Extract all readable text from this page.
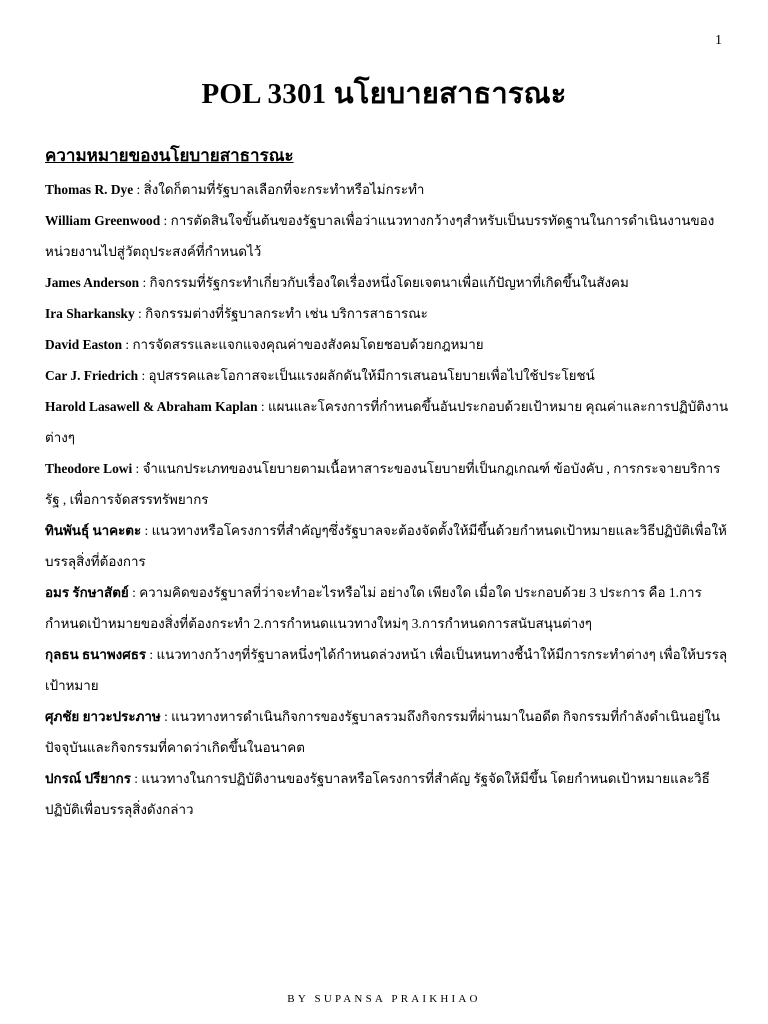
1
POL 3301 นโยบายสาธารณะ
ความหมายของนโยบายสาธารณะ
Thomas R. Dye : สิ่งใดก็ตามที่รัฐบาลเลือกที่จะกระทำหรือไม่กระทำ
William Greenwood : การตัดสินใจขั้นต้นของรัฐบาลเพื่อว่าแนวทางกว้างๆสำหรับเป็นบรรทัดฐานในการดำเนินงานของหน่วยงานไปสู่วัตถุประสงค์ที่กำหนดไว้
James Anderson : กิจกรรมที่รัฐกระทำเกี่ยวกับเรื่องใดเรื่องหนึ่งโดยเจตนาเพื่อแก้ปัญหาที่เกิดขึ้นในสังคม
Ira Sharkansky : กิจกรรมต่างที่รัฐบาลกระทำ เช่น บริการสาธารณะ
David Easton : การจัดสรรและแจกแจงคุณค่าของสังคมโดยชอบด้วยกฎหมาย
Car J. Friedrich : อุปสรรคและโอกาสจะเป็นแรงผลักดันให้มีการเสนอนโยบายเพื่อไปใช้ประโยชน์
Harold Lasawell & Abraham Kaplan : แผนและโครงการที่กำหนดขึ้นอันประกอบด้วยเป้าหมาย คุณค่าและการปฏิบัติงานต่างๆ
Theodore Lowi : จำแนกประเภทของนโยบายตามเนื้อหาสาระของนโยบายที่เป็นกฎเกณฑ์ ข้อบังคับ , การกระจายบริการรัฐ , เพื่อการจัดสรรทรัพยากร
ทินพันธุ์ นาคะตะ : แนวทางหรือโครงการที่สำคัญๆซึ่งรัฐบาลจะต้องจัดตั้งให้มีขึ้นด้วยกำหนดเป้าหมายและวิธีปฏิบัติเพื่อให้บรรลุสิ่งที่ต้องการ
อมร รักษาสัตย์ : ความคิดของรัฐบาลที่ว่าจะทำอะไรหรือไม่ อย่างใด เพียงใด เมื่อใด ประกอบด้วย 3 ประการ คือ 1.การกำหนดเป้าหมายของสิ่งที่ต้องกระทำ 2.การกำหนดแนวทางใหม่ๆ 3.การกำหนดการสนับสนุนต่างๆ
กุลธน ธนาพงศธร : แนวทางกว้างๆที่รัฐบาลหนึ่งๆได้กำหนดล่วงหน้า เพื่อเป็นหนทางชี้นำให้มีการกระทำต่างๆ เพื่อให้บรรลุเป้าหมาย
ศุภชัย ยาวะประภาษ : แนวทางหารดำเนินกิจการของรัฐบาลรวมถึงกิจกรรมที่ผ่านมาในอดีต กิจกรรมที่กำลังดำเนินอยู่ในปัจจุบันและกิจกรรมที่คาดว่าเกิดขึ้นในอนาคต
ปกรณ์ ปรียากร : แนวทางในการปฏิบัติงานของรัฐบาลหรือโครงการที่สำคัญ รัฐจัดให้มีขึ้น โดยกำหนดเป้าหมายและวิธีปฏิบัติเพื่อบรรลุสิ่งดังกล่าว
BY SUPANSA PRAIKHIAO
